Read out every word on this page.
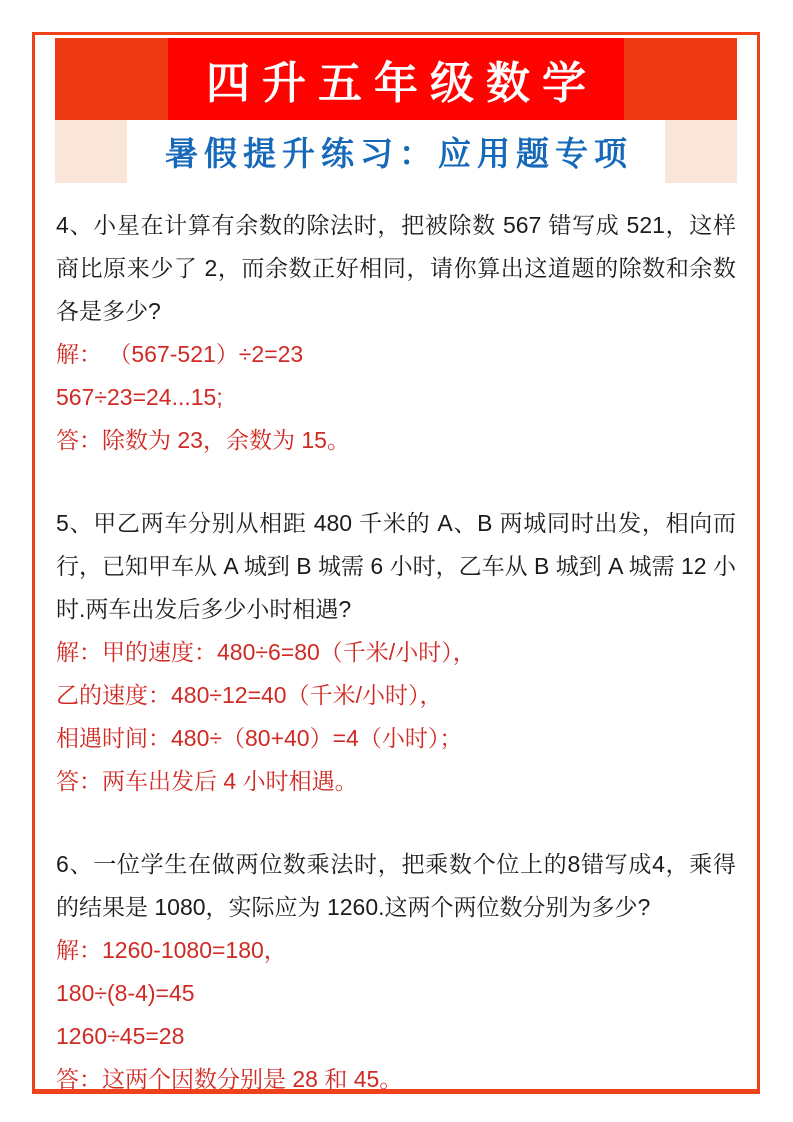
四升五年级数学
暑假提升练习：应用题专项

4、小星在计算有余数的除法时，把被除数 567 错写成 521，这样商比原来少了 2，而余数正好相同，请你算出这道题的除数和余数各是多少?

解： （567-521）÷2=23

567÷23=24...15;

答：除数为 23，余数为 15。

5、甲乙两车分别从相距 480 千米的 A、B 两城同时出发，相向而行，已知甲车从 A 城到 B 城需 6 小时，乙车从 B 城到 A 城需 12 小时.两车出发后多少小时相遇?

解：甲的速度：480÷6=80（千米/小时），

乙的速度：480÷12=40（千米/小时），

相遇时间：480÷（80+40）=4（小时）；

答：两车出发后 4 小时相遇。

6、一位学生在做两位数乘法时，把乘数个位上的8错写成4，乘得的结果是 1080，实际应为 1260.这两个两位数分别为多少?

解：1260-1080=180，

180÷(8-4)=45

1260÷45=28

答：这两个因数分别是 28 和 45。
